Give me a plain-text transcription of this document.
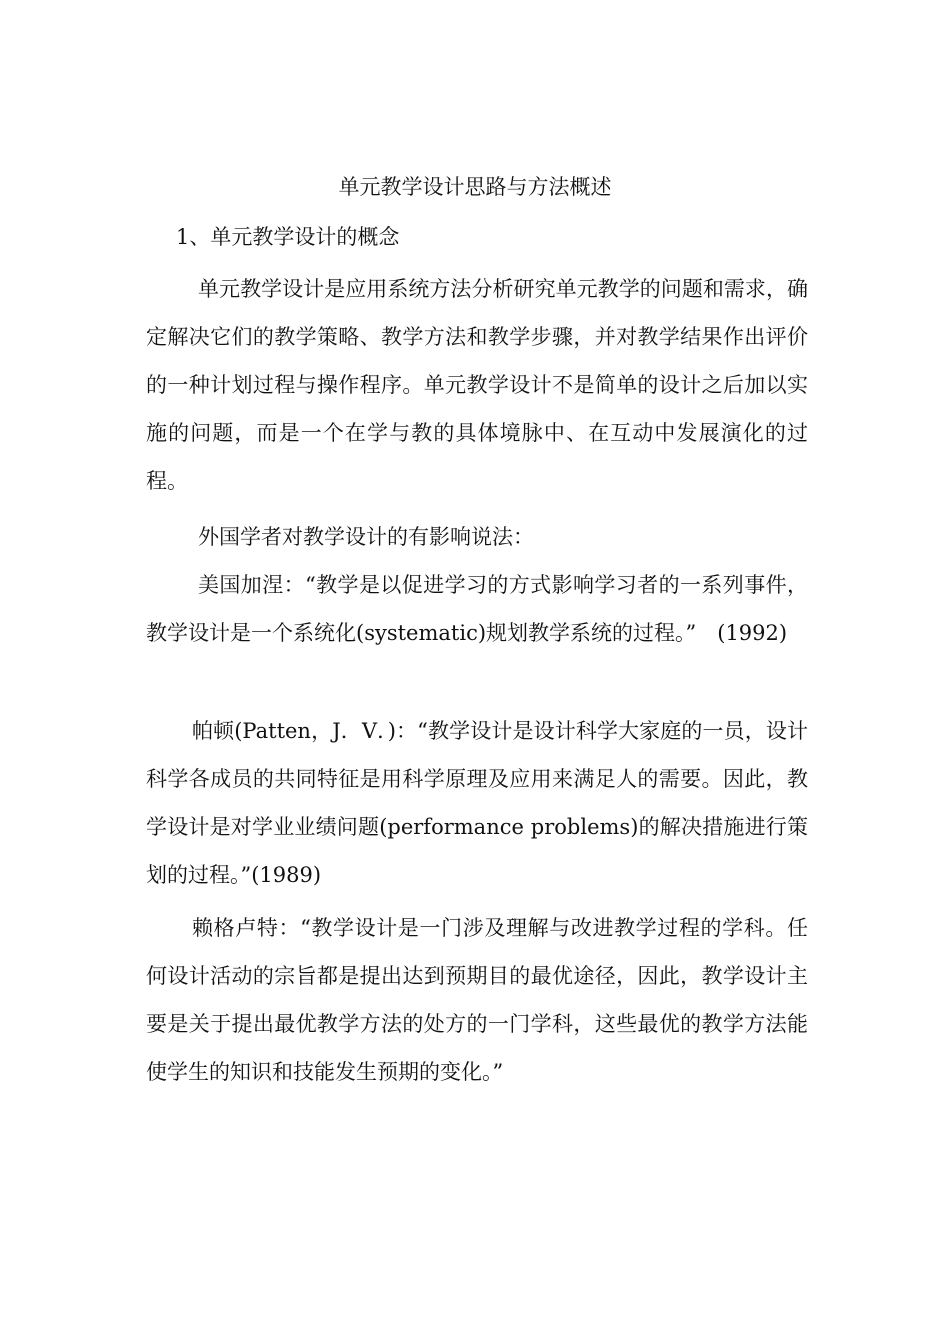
单元教学设计思路与方法概述
1、单元教学设计的概念

单元教学设计是应用系统方法分析研究单元教学的问题和需求，确定解决它们的教学策略、教学方法和教学步骤，并对教学结果作出评价的一种计划过程与操作程序。单元教学设计不是简单的设计之后加以实施的问题，而是一个在学与教的具体境脉中、在互动中发展演化的过程。

外国学者对教学设计的有影响说法：

美国加涅：“教学是以促进学习的方式影响学习者的一系列事件，教学设计是一个系统化(systematic)规划教学系统的过程。”　(1992)

帕顿(Patten，J．V．)：“教学设计是设计科学大家庭的一员，设计科学各成员的共同特征是用科学原理及应用来满足人的需要。因此，教学设计是对学业业绩问题(performance problems)的解决措施进行策划的过程。”(1989)

赖格卢特：“教学设计是一门涉及理解与改进教学过程的学科。任何设计活动的宗旨都是提出达到预期目的最优途径，因此，教学设计主要是关于提出最优教学方法的处方的一门学科，这些最优的教学方法能使学生的知识和技能发生预期的变化。”
